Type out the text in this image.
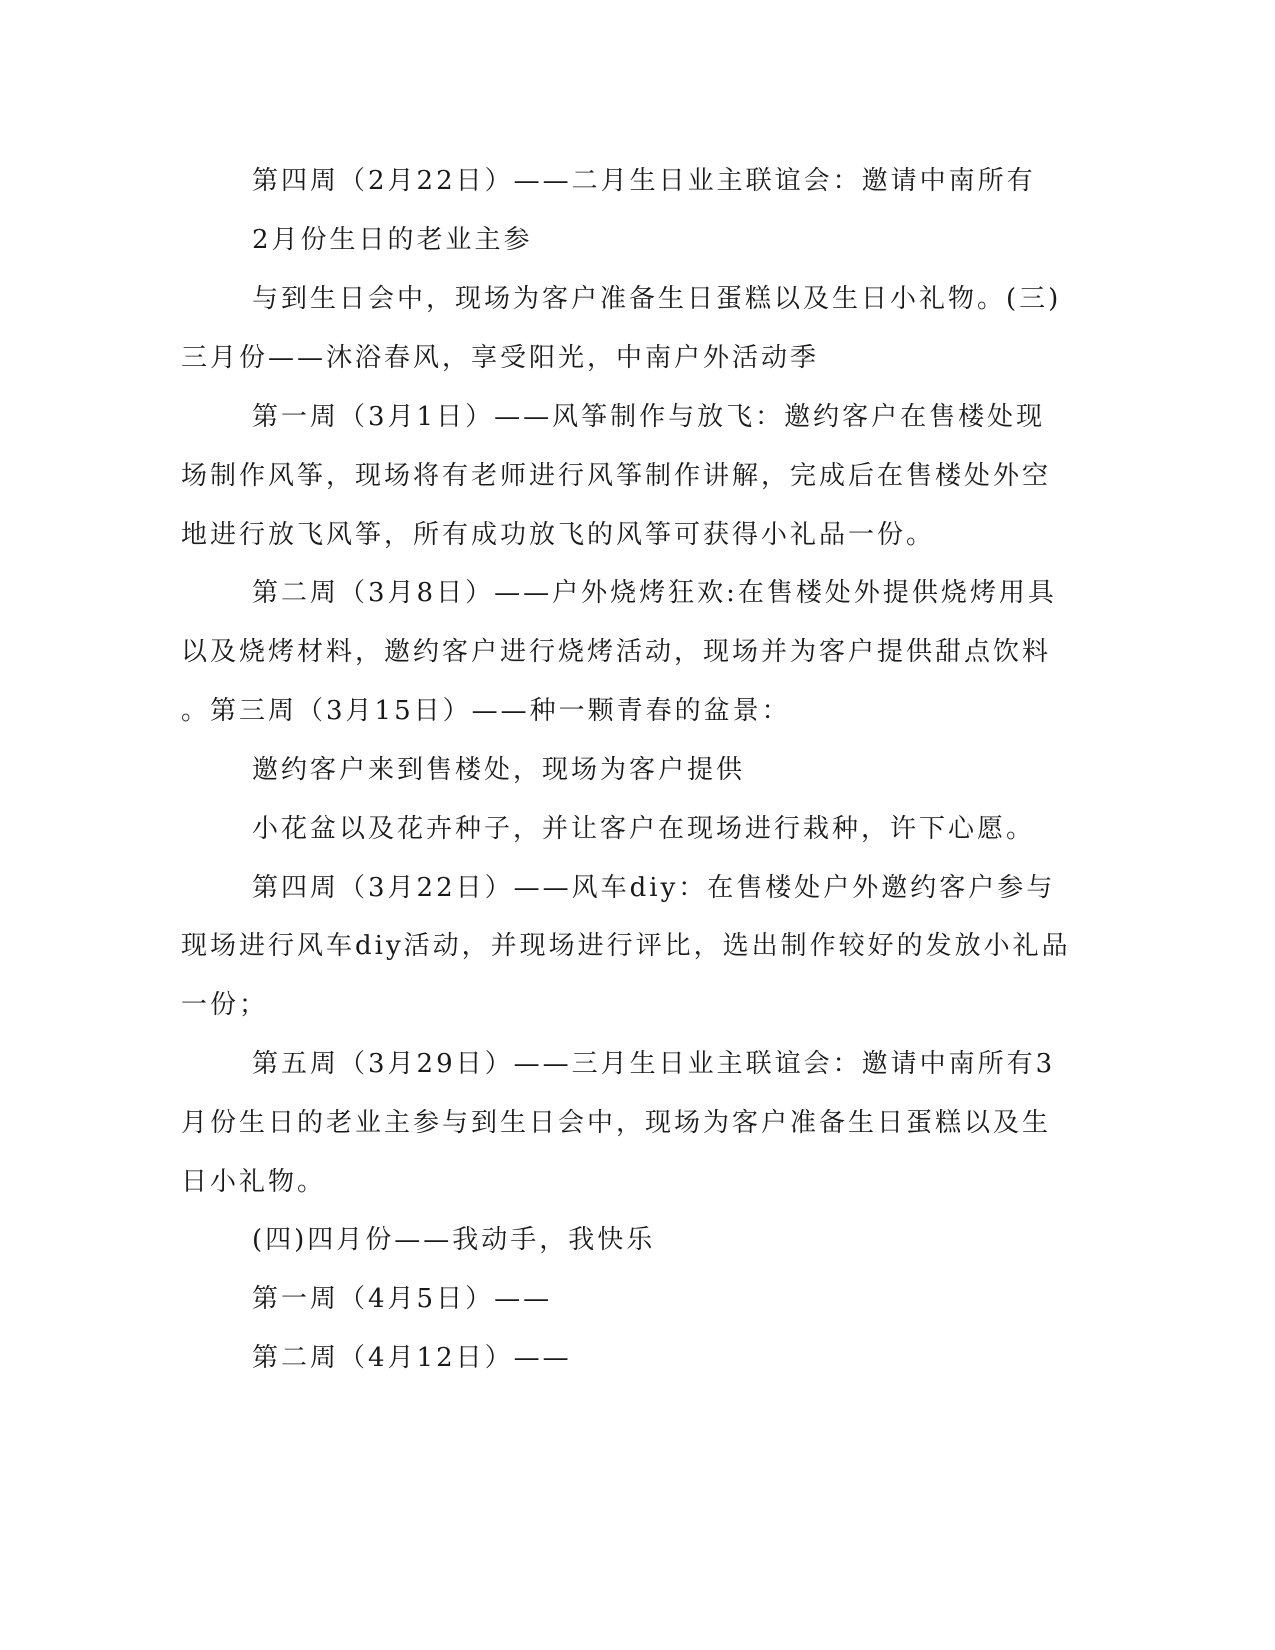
第四周（2月22日）——二月生日业主联谊会：邀请中南所有
2月份生日的老业主参
与到生日会中，现场为客户准备生日蛋糕以及生日小礼物。(三)
三月份——沐浴春风，享受阳光，中南户外活动季
第一周（3月1日）——风筝制作与放飞：邀约客户在售楼处现
场制作风筝，现场将有老师进行风筝制作讲解，完成后在售楼处外空
地进行放飞风筝，所有成功放飞的风筝可获得小礼品一份。
第二周（3月8日）——户外烧烤狂欢:在售楼处外提供烧烤用具
以及烧烤材料，邀约客户进行烧烤活动，现场并为客户提供甜点饮料
。第三周（3月15日）——种一颗青春的盆景：
邀约客户来到售楼处，现场为客户提供
小花盆以及花卉种子，并让客户在现场进行栽种，许下心愿。
第四周（3月22日）——风车diy：在售楼处户外邀约客户参与
现场进行风车diy活动，并现场进行评比，选出制作较好的发放小礼品
一份；
第五周（3月29日）——三月生日业主联谊会：邀请中南所有3
月份生日的老业主参与到生日会中，现场为客户准备生日蛋糕以及生
日小礼物。
(四)四月份——我动手，我快乐
第一周（4月5日）——
第二周（4月12日）——
